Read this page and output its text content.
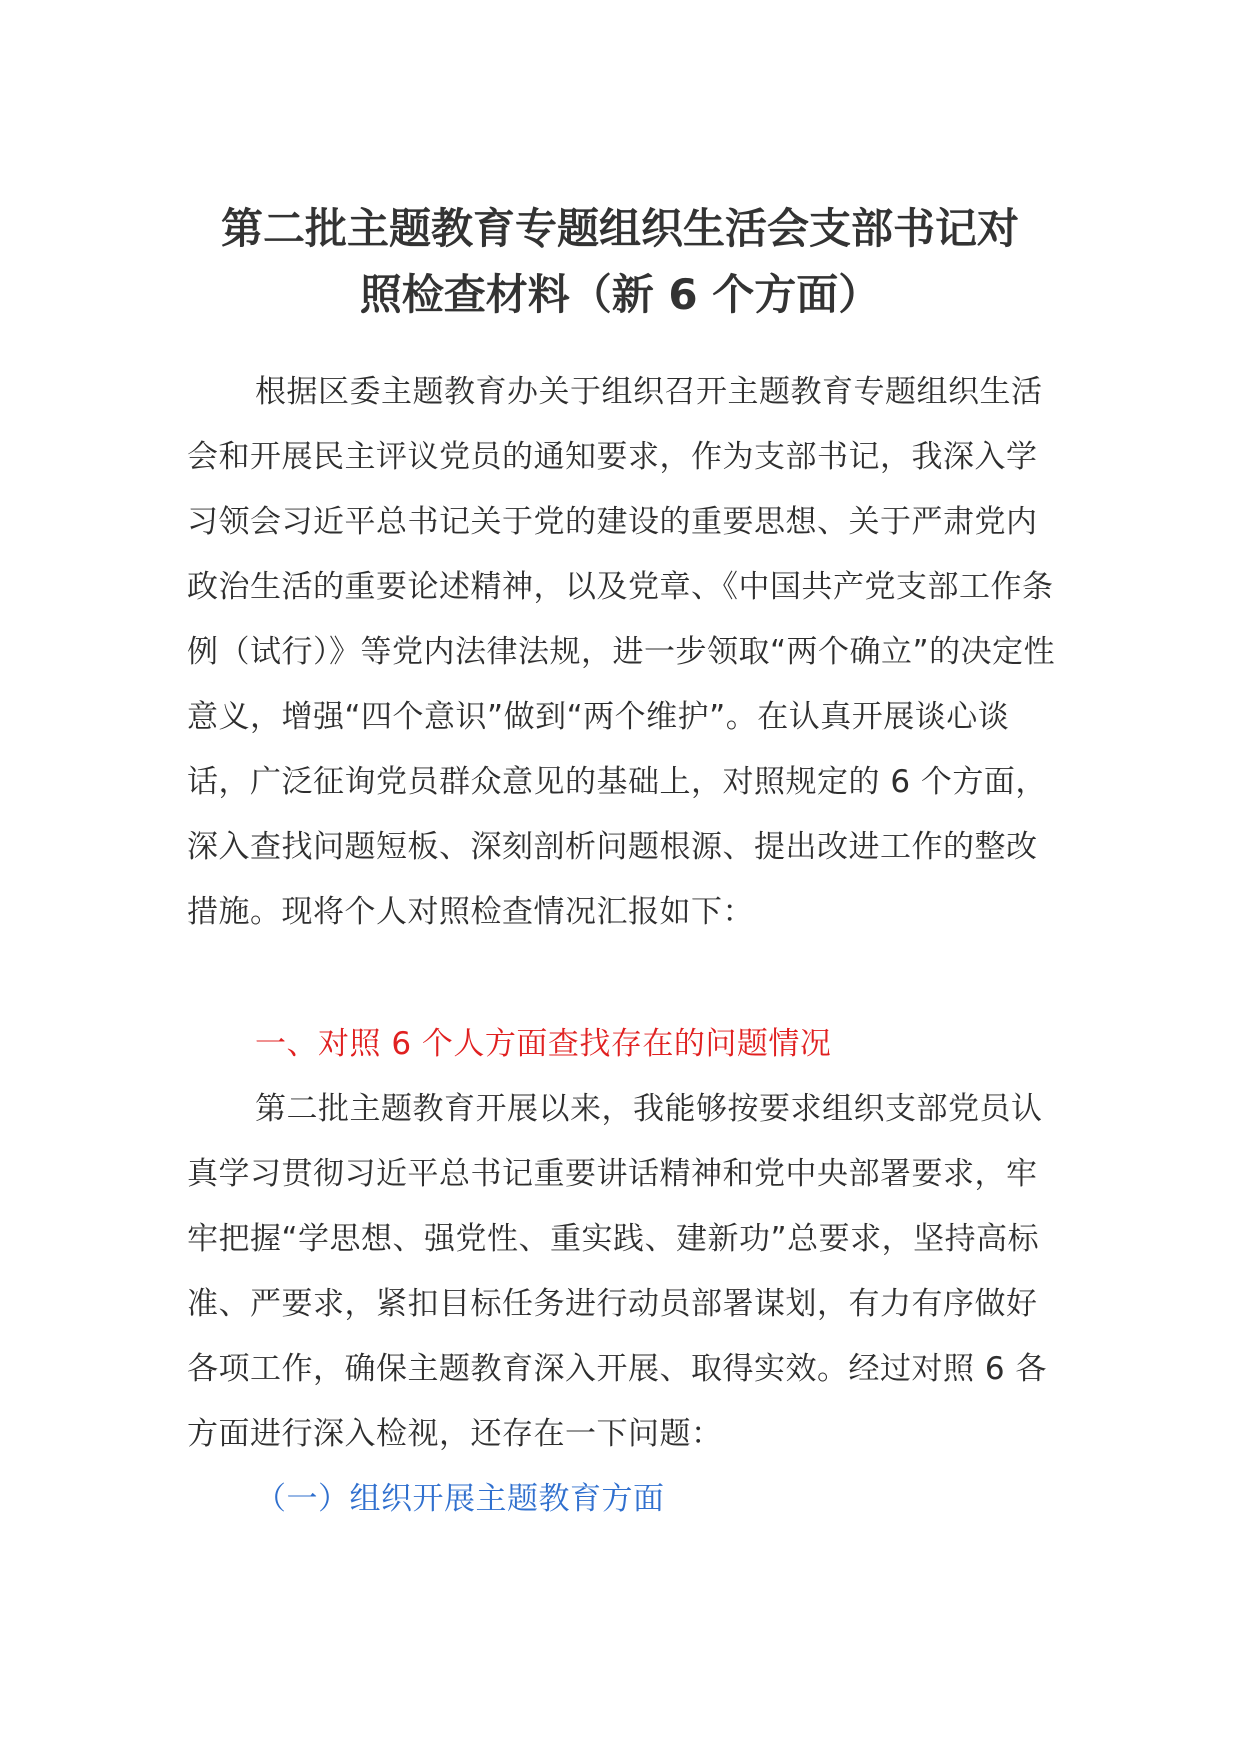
第二批主题教育专题组织生活会支部书记对
照检查材料（新 6 个方面）

根据区委主题教育办关于组织召开主题教育专题组织生活会和开展民主评议党员的通知要求，作为支部书记，我深入学习领会习近平总书记关于党的建设的重要思想、关于严肃党内政治生活的重要论述精神，以及党章、《中国共产党支部工作条例（试行）》等党内法律法规，进一步领取“两个确立”的决定性意义，增强“四个意识”做到“两个维护”。在认真开展谈心谈话，广泛征询党员群众意见的基础上，对照规定的 6 个方面，深入查找问题短板、深刻剖析问题根源、提出改进工作的整改措施。现将个人对照检查情况汇报如下：

一、对照 6 个人方面查找存在的问题情况

第二批主题教育开展以来，我能够按要求组织支部党员认真学习贯彻习近平总书记重要讲话精神和党中央部署要求，牢牢把握“学思想、强党性、重实践、建新功”总要求，坚持高标准、严要求，紧扣目标任务进行动员部署谋划，有力有序做好各项工作，确保主题教育深入开展、取得实效。经过对照 6 各方面进行深入检视，还存在一下问题：

（一）组织开展主题教育方面
